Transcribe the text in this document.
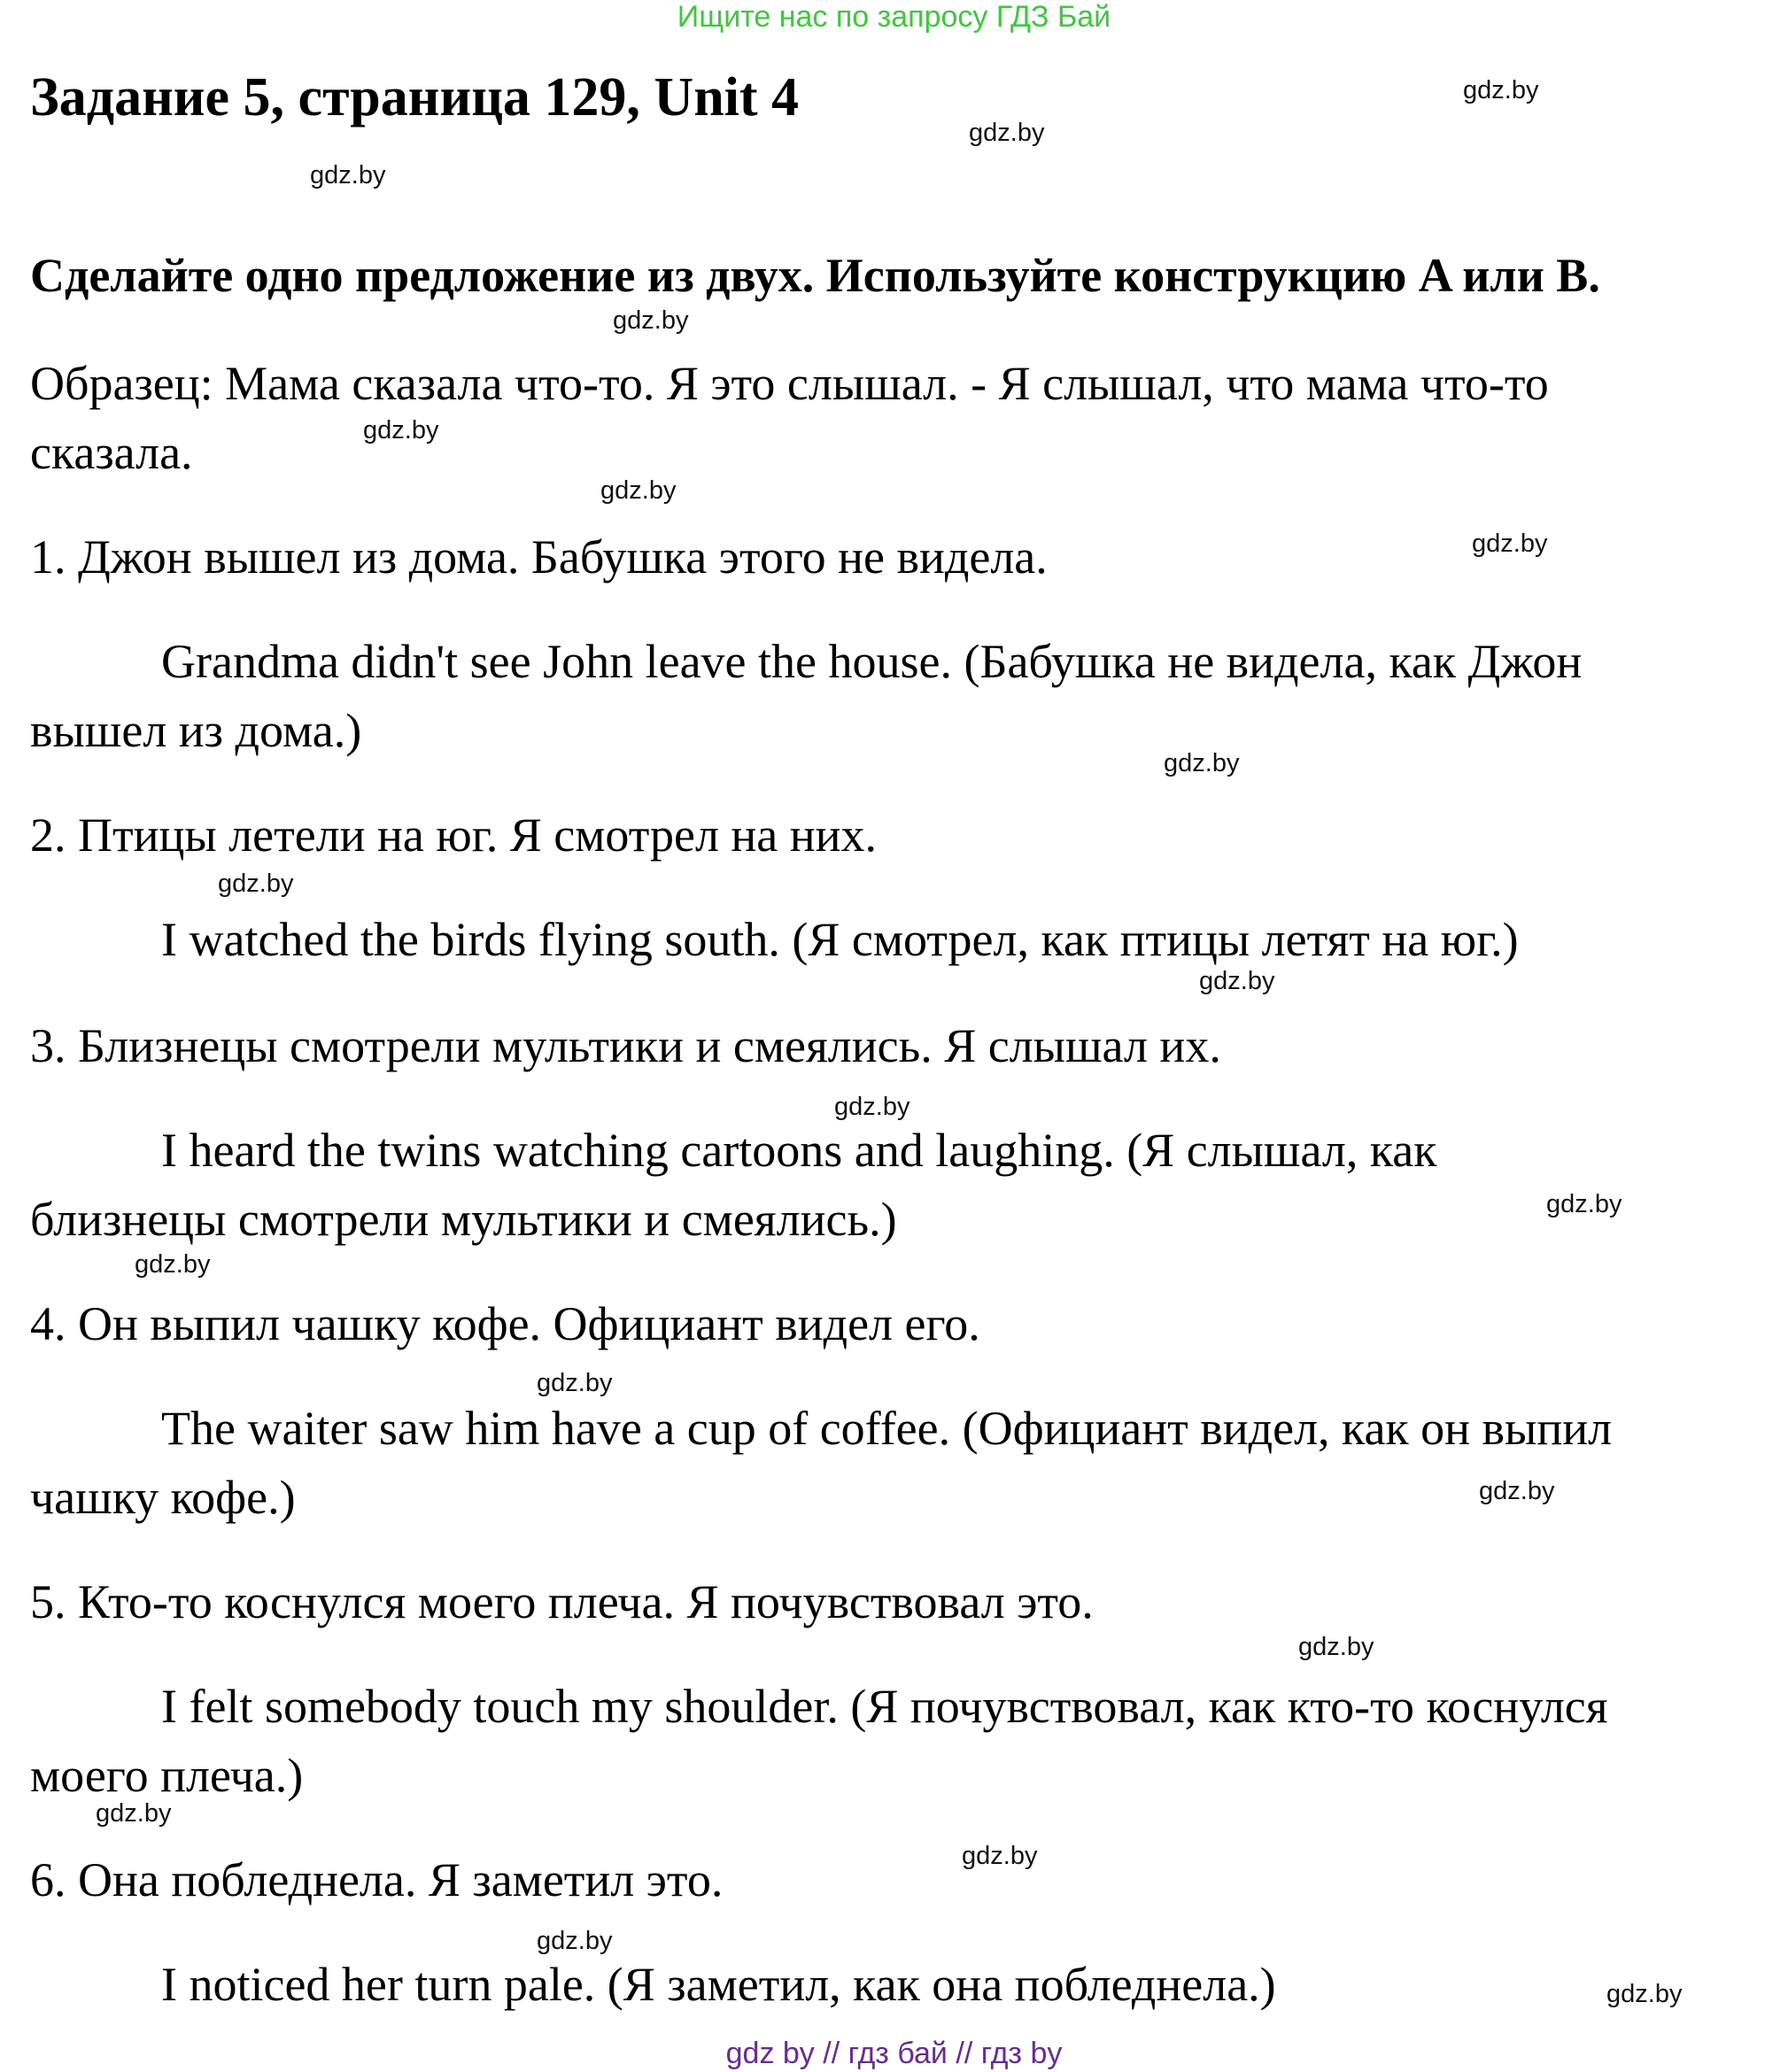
Ищите нас по запросу ГДЗ Бай
Задание 5, страница 129, Unit 4
Сделайте одно предложение из двух. Используйте конструкцию A или B.
Образец: Мама сказала что-то. Я это слышал. - Я слышал, что мама что-то
сказала.
1. Джон вышел из дома. Бабушка этого не видела.
Grandma didn't see John leave the house. (Бабушка не видела, как Джон
вышел из дома.)
2. Птицы летели на юг. Я смотрел на них.
I watched the birds flying south. (Я смотрел, как птицы летят на юг.)
3. Близнецы смотрели мультики и смеялись. Я слышал их.
I heard the twins watching cartoons and laughing. (Я слышал, как
близнецы смотрели мультики и смеялись.)
4. Он выпил чашку кофе. Официант видел его.
The waiter saw him have a cup of coffee. (Официант видел, как он выпил
чашку кофе.)
5. Кто-то коснулся моего плеча. Я почувствовал это.
I felt somebody touch my shoulder. (Я почувствовал, как кто-то коснулся
моего плеча.)
6. Она побледнела. Я заметил это.
I noticed her turn pale. (Я заметил, как она побледнела.)
gdz.by
gdz.by
gdz.by
gdz.by
gdz.by
gdz.by
gdz.by
gdz.by
gdz.by
gdz.by
gdz.by
gdz.by
gdz.by
gdz.by
gdz.by
gdz.by
gdz.by
gdz.by
gdz.by
gdz.by
gdz by // гдз бай // гдз by
